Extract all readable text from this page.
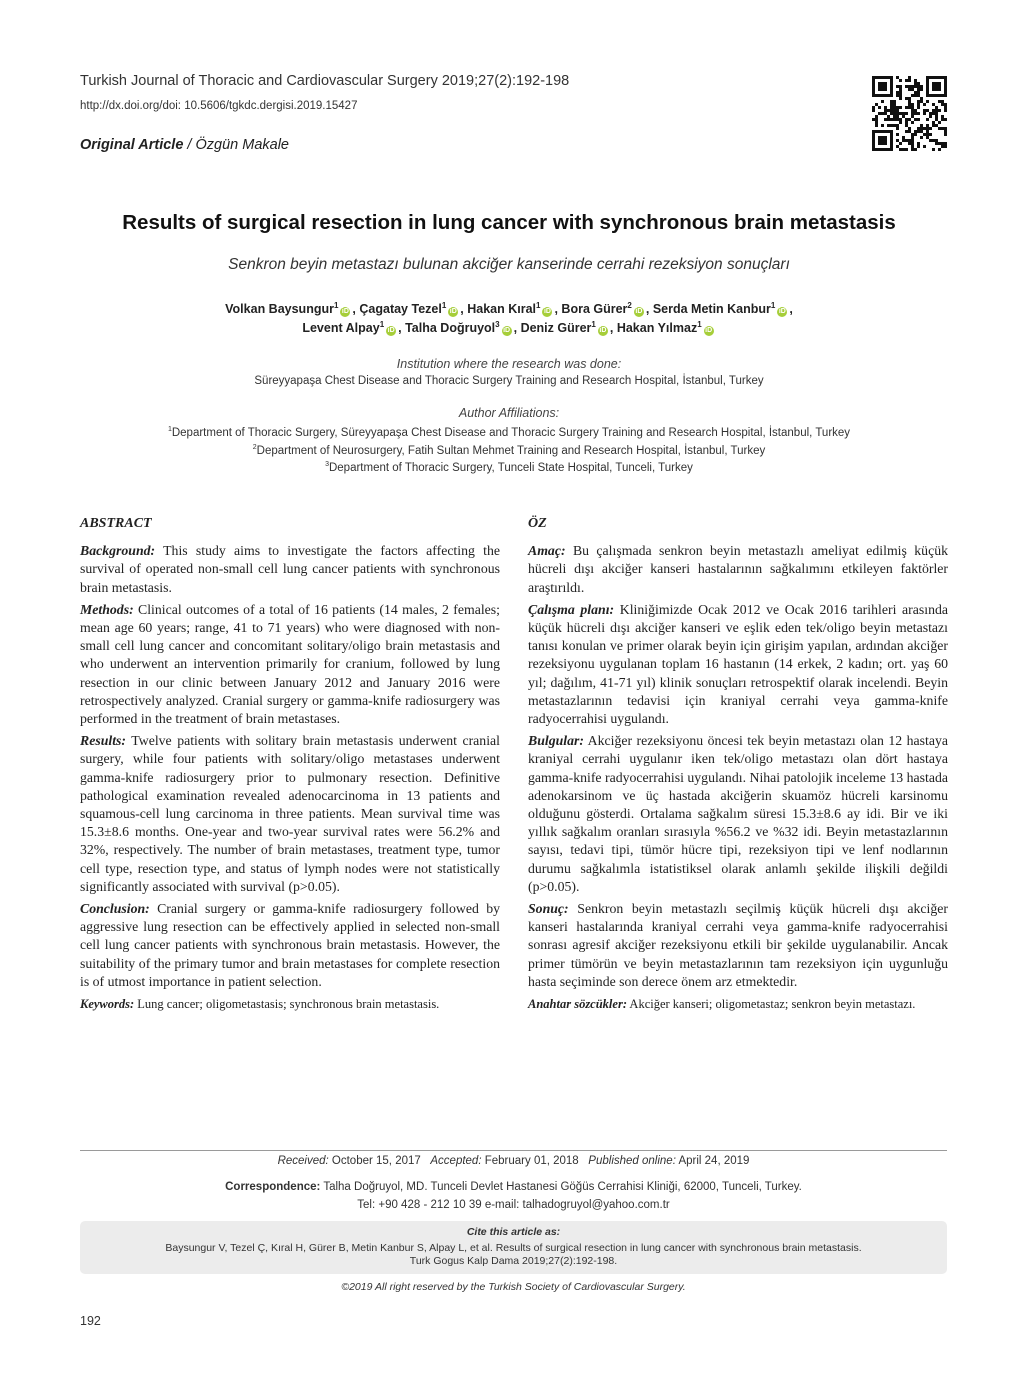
Turkish Journal of Thoracic and Cardiovascular Surgery 2019;27(2):192-198
http://dx.doi.org/doi: 10.5606/tgkdc.dergisi.2019.15427
Original Article / Özgün Makale
Results of surgical resection in lung cancer with synchronous brain metastasis
Senkron beyin metastazı bulunan akciğer kanserinde cerrahi rezeksiyon sonuçları
Volkan Baysungur$^1$iD , Çagatay Tezel$^1$iD , Hakan Kıral$^1$iD , Bora Gürer$^2$iD , Serda Metin Kanbur$^1$iD ,
Levent Alpay$^1$iD , Talha Doğruyol$^3$iD , Deniz Gürer$^1$iD , Hakan Yılmaz$^1$iD
Institution where the research was done:
Süreyyapaşa Chest Disease and Thoracic Surgery Training and Research Hospital, İstanbul, Turkey
Author Affiliations:
$^1$Department of Thoracic Surgery, Süreyyapaşa Chest Disease and Thoracic Surgery Training and Research Hospital, İstanbul, Turkey
$^2$Department of Neurosurgery, Fatih Sultan Mehmet Training and Research Hospital, İstanbul, Turkey
$^3$Department of Thoracic Surgery, Tunceli State Hospital, Tunceli, Turkey
ABSTRACT

Background: This study aims to investigate the factors affecting the survival of operated non-small cell lung cancer patients with synchronous brain metastasis.

Methods: Clinical outcomes of a total of 16 patients (14 males, 2 females; mean age 60 years; range, 41 to 71 years) who were diagnosed with non-small cell lung cancer and concomitant solitary/oligo brain metastasis and who underwent an intervention primarily for cranium, followed by lung resection in our clinic between January 2012 and January 2016 were retrospectively analyzed. Cranial surgery or gamma-knife radiosurgery was performed in the treatment of brain metastases.

Results: Twelve patients with solitary brain metastasis underwent cranial surgery, while four patients with solitary/oligo metastases underwent gamma-knife radiosurgery prior to pulmonary resection. Definitive pathological examination revealed adenocarcinoma in 13 patients and squamous-cell lung carcinoma in three patients. Mean survival time was 15.3±8.6 months. One-year and two-year survival rates were 56.2% and 32%, respectively. The number of brain metastases, treatment type, tumor cell type, resection type, and status of lymph nodes were not statistically significantly associated with survival (p>0.05).

Conclusion: Cranial surgery or gamma-knife radiosurgery followed by aggressive lung resection can be effectively applied in selected non-small cell lung cancer patients with synchronous brain metastasis. However, the suitability of the primary tumor and brain metastases for complete resection is of utmost importance in patient selection.

Keywords: Lung cancer; oligometastasis; synchronous brain metastasis.

ÖZ

Amaç: Bu çalışmada senkron beyin metastazlı ameliyat edilmiş küçük hücreli dışı akciğer kanseri hastalarının sağkalımını etkileyen faktörler araştırıldı.

Çalışma planı: Kliniğimizde Ocak 2012 ve Ocak 2016 tarihleri arasında küçük hücreli dışı akciğer kanseri ve eşlik eden tek/oligo beyin metastazı tanısı konulan ve primer olarak beyin için girişim yapılan, ardından akciğer rezeksiyonu uygulanan toplam 16 hastanın (14 erkek, 2 kadın; ort. yaş 60 yıl; dağılım, 41-71 yıl) klinik sonuçları retrospektif olarak incelendi. Beyin metastazlarının tedavisi için kraniyal cerrahi veya gamma-knife radyocerrahisi uygulandı.

Bulgular: Akciğer rezeksiyonu öncesi tek beyin metastazı olan 12 hastaya kraniyal cerrahi uygulanır iken tek/oligo metastazı olan dört hastaya gamma-knife radyocerrahisi uygulandı. Nihai patolojik inceleme 13 hastada adenokarsinom ve üç hastada akciğerin skuamöz hücreli karsinomu olduğunu gösterdi. Ortalama sağkalım süresi 15.3±8.6 ay idi. Bir ve iki yıllık sağkalım oranları sırasıyla %56.2 ve %32 idi. Beyin metastazlarının sayısı, tedavi tipi, tümör hücre tipi, rezeksiyon tipi ve lenf nodlarının durumu sağkalımla istatistiksel olarak anlamlı şekilde ilişkili değildi (p>0.05).

Sonuç: Senkron beyin metastazlı seçilmiş küçük hücreli dışı akciğer kanseri hastalarında kraniyal cerrahi veya gamma-knife radyocerrahisi sonrası agresif akciğer rezeksiyonu etkili bir şekilde uygulanabilir. Ancak primer tümörün ve beyin metastazlarının tam rezeksiyon için uygunluğu hasta seçiminde son derece önem arz etmektedir.

Anahtar sözcükler: Akciğer kanseri; oligometastaz; senkron beyin metastazı.

Received: October 15, 2017 Accepted: February 01, 2018 Published online: April 24, 2019
Correspondence: Talha Doğruyol, MD. Tunceli Devlet Hastanesi Göğüs Cerrahisi Kliniği, 62000, Tunceli, Turkey.
Tel: +90 428 - 212 10 39 e-mail: talhadogruyol@yahoo.com.tr
Cite this article as:
Baysungur V, Tezel Ç, Kıral H, Gürer B, Metin Kanbur S, Alpay L, et al. Results of surgical resection in lung cancer with synchronous brain metastasis.
Turk Gogus Kalp Dama 2019;27(2):192-198.
©2019 All right reserved by the Turkish Society of Cardiovascular Surgery.
192
